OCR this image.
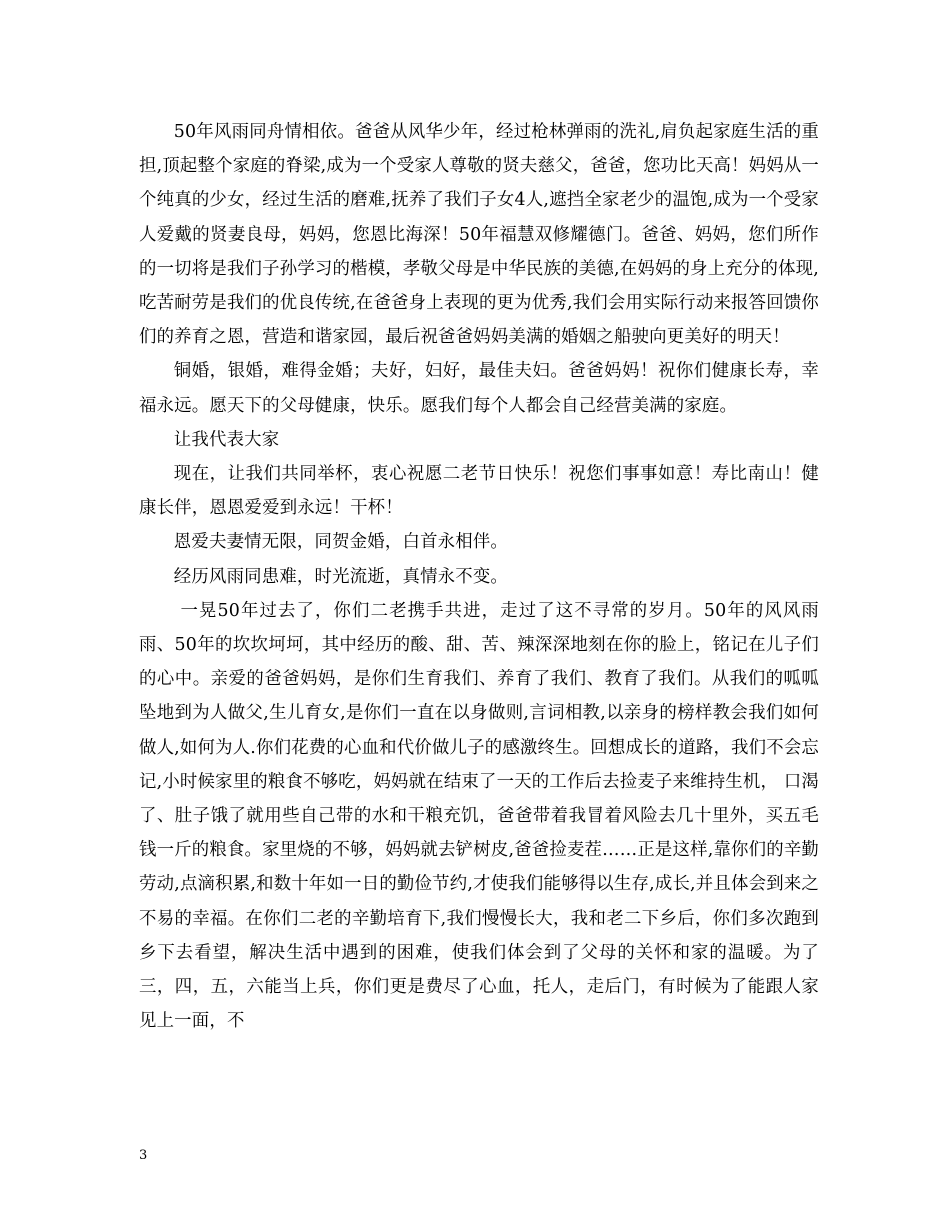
50年风雨同舟情相依。爸爸从风华少年，经过枪林弹雨的洗礼,肩负起家庭生活的重担,顶起整个家庭的脊梁,成为一个受家人尊敬的贤夫慈父，爸爸，您功比天高！妈妈从一个纯真的少女，经过生活的磨难,抚养了我们子女4人,遮挡全家老少的温饱,成为一个受家人爱戴的贤妻良母，妈妈，您恩比海深！50年福慧双修耀德门。爸爸、妈妈，您们所作的一切将是我们子孙学习的楷模，孝敬父母是中华民族的美德,在妈妈的身上充分的体现,吃苦耐劳是我们的优良传统,在爸爸身上表现的更为优秀,我们会用实际行动来报答回馈你们的养育之恩，营造和谐家园，最后祝爸爸妈妈美满的婚姻之船驶向更美好的明天！

铜婚，银婚，难得金婚；夫好，妇好，最佳夫妇。爸爸妈妈！祝你们健康长寿，幸福永远。愿天下的父母健康，快乐。愿我们每个人都会自己经营美满的家庭。

让我代表大家

现在，让我们共同举杯，衷心祝愿二老节日快乐！祝您们事事如意！寿比南山！健康长伴，恩恩爱爱到永远！干杯！

恩爱夫妻情无限，同贺金婚，白首永相伴。

经历风雨同患难，时光流逝，真情永不变。

一晃50年过去了，你们二老携手共进，走过了这不寻常的岁月。50年的风风雨雨、50年的坎坎坷坷，其中经历的酸、甜、苦、辣深深地刻在你的脸上，铭记在儿子们的心中。亲爱的爸爸妈妈，是你们生育我们、养育了我们、教育了我们。从我们的呱呱坠地到为人做父,生儿育女,是你们一直在以身做则,言词相教,以亲身的榜样教会我们如何做人,如何为人.你们花费的心血和代价做儿子的感激终生。回想成长的道路，我们不会忘记,小时候家里的粮食不够吃，妈妈就在结束了一天的工作后去捡麦子来维持生机， 口渴了、肚子饿了就用些自己带的水和干粮充饥，爸爸带着我冒着风险去几十里外，买五毛钱一斤的粮食。家里烧的不够，妈妈就去铲树皮,爸爸捡麦茬……正是这样,靠你们的辛勤劳动,点滴积累,和数十年如一日的勤俭节约,才使我们能够得以生存,成长,并且体会到来之不易的幸福。在你们二老的辛勤培育下,我们慢慢长大，我和老二下乡后，你们多次跑到乡下去看望，解决生活中遇到的困难，使我们体会到了父母的关怀和家的温暖。为了三，四，五，六能当上兵，你们更是费尽了心血，托人，走后门，有时候为了能跟人家见上一面，不

3
